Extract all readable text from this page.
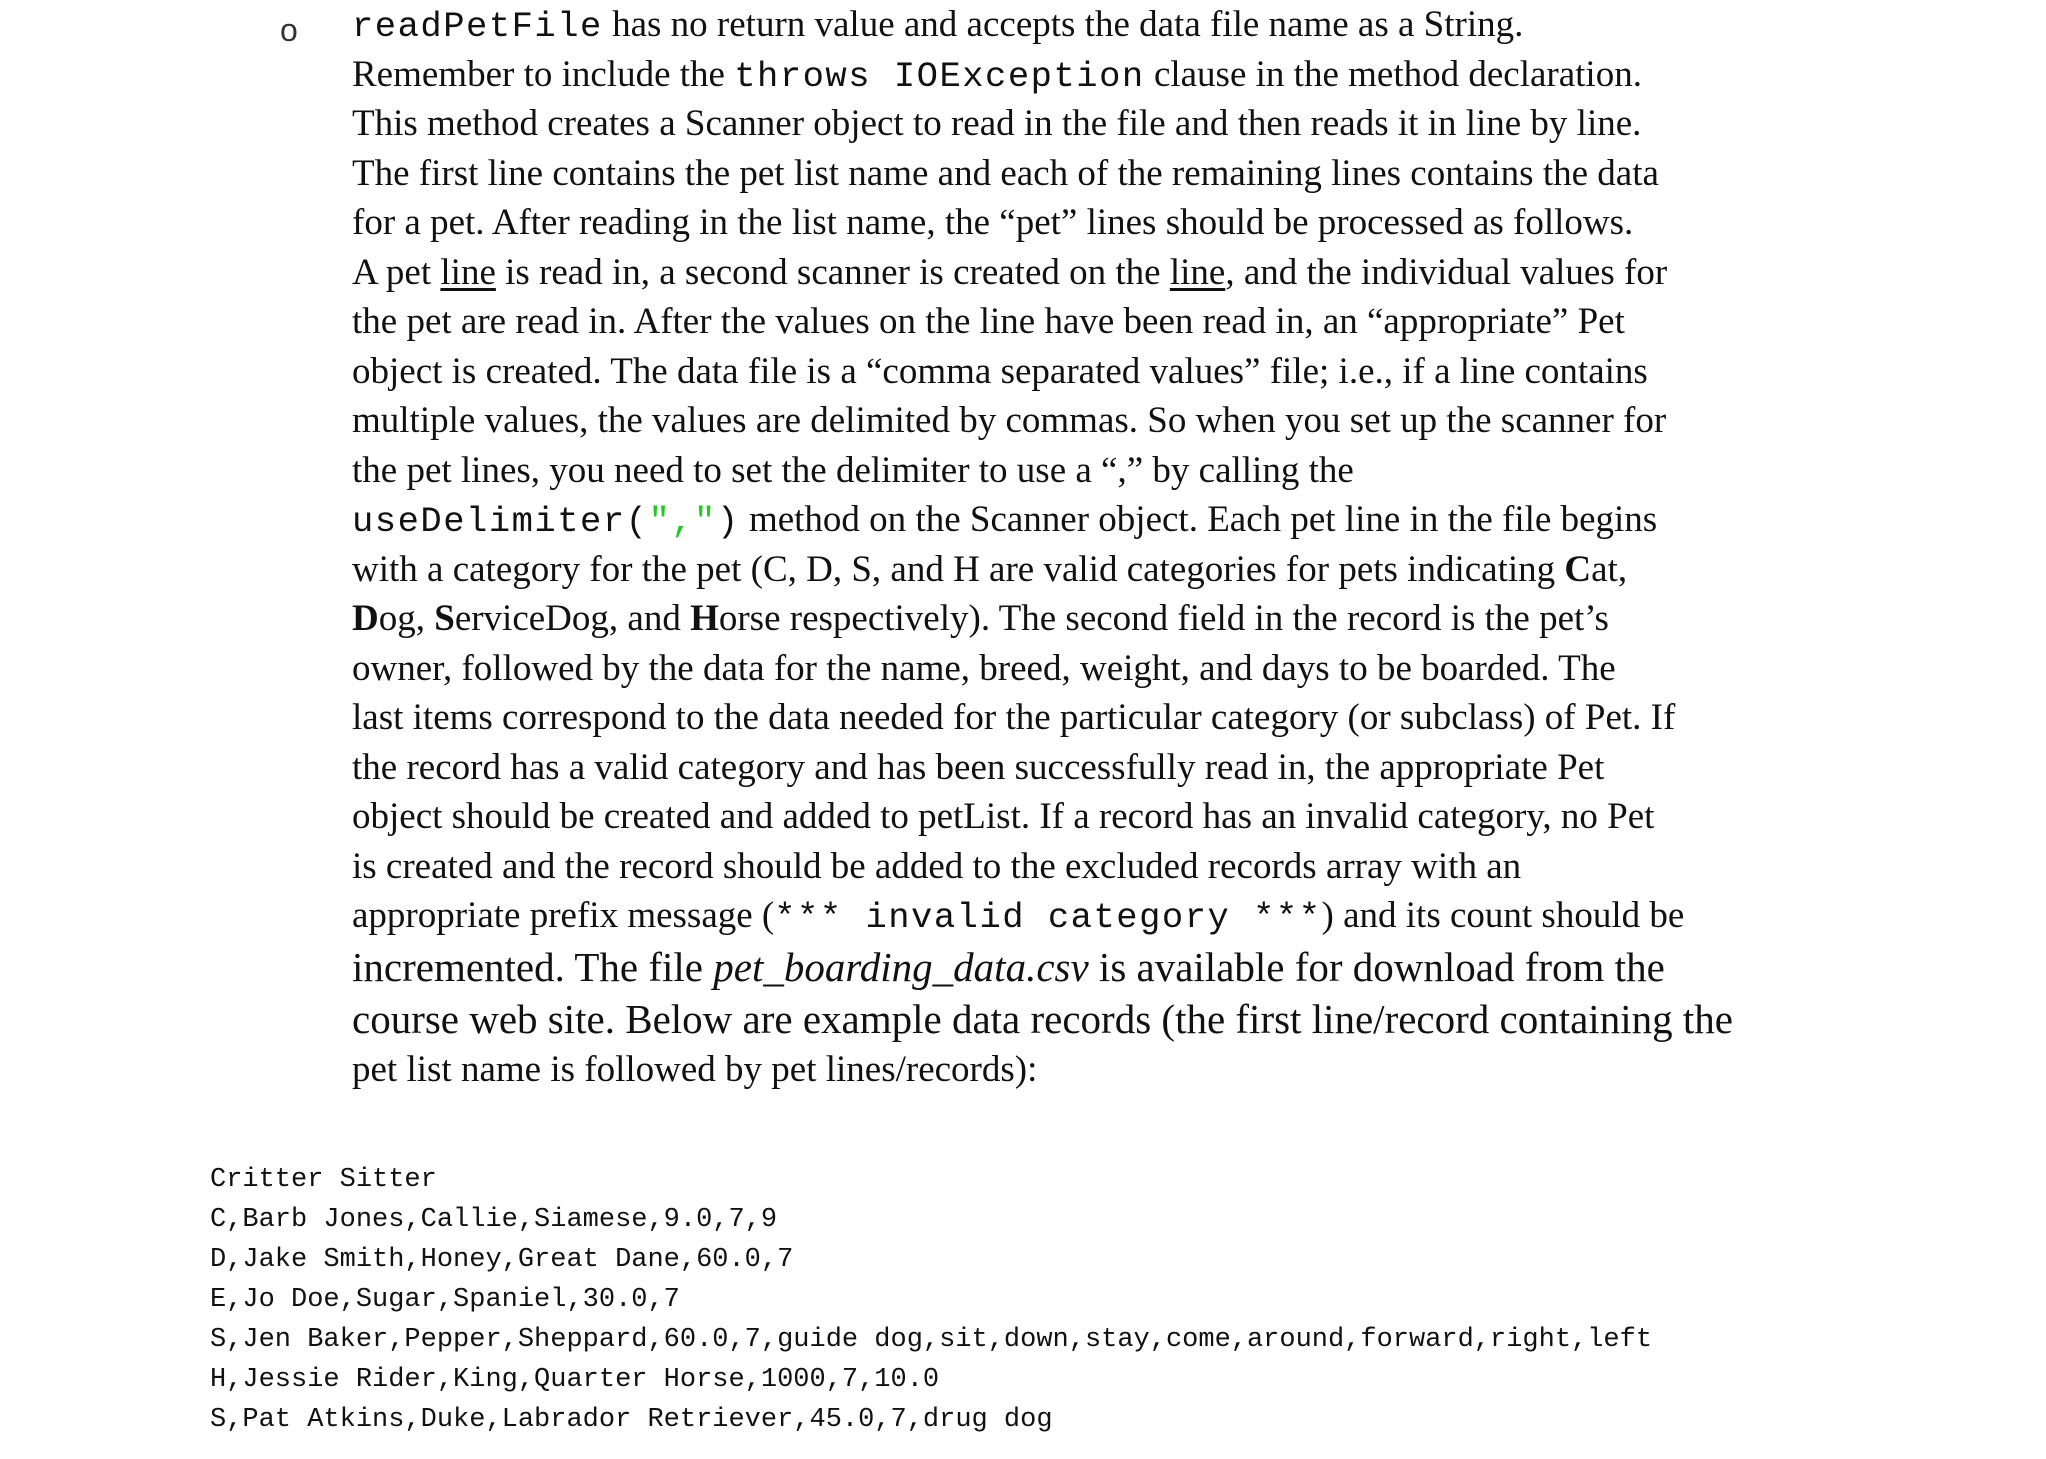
o readPetFile has no return value and accepts the data file name as a String.
Remember to include the throws IOException clause in the method declaration.
This method creates a Scanner object to read in the file and then reads it in line by line.
The first line contains the pet list name and each of the remaining lines contains the data
for a pet. After reading in the list name, the “pet” lines should be processed as follows.
A pet line is read in, a second scanner is created on the line, and the individual values for
the pet are read in. After the values on the line have been read in, an “appropriate” Pet
object is created. The data file is a “comma separated values” file; i.e., if a line contains
multiple values, the values are delimited by commas. So when you set up the scanner for
the pet lines, you need to set the delimiter to use a “,” by calling the
useDelimiter(",") method on the Scanner object. Each pet line in the file begins
with a category for the pet (C, D, S, and H are valid categories for pets indicating Cat,
Dog, ServiceDog, and Horse respectively). The second field in the record is the pet’s
owner, followed by the data for the name, breed, weight, and days to be boarded. The
last items correspond to the data needed for the particular category (or subclass) of Pet. If
the record has a valid category and has been successfully read in, the appropriate Pet
object should be created and added to petList. If a record has an invalid category, no Pet
is created and the record should be added to the excluded records array with an
appropriate prefix message (*** invalid category ***) and its count should be
incremented. The file pet_boarding_data.csv is available for download from the
course web site. Below are example data records (the first line/record containing the
pet list name is followed by pet lines/records):
Critter Sitter
C,Barb Jones,Callie,Siamese,9.0,7,9
D,Jake Smith,Honey,Great Dane,60.0,7
E,Jo Doe,Sugar,Spaniel,30.0,7
S,Jen Baker,Pepper,Sheppard,60.0,7,guide dog,sit,down,stay,come,around,forward,right,left
H,Jessie Rider,King,Quarter Horse,1000,7,10.0
S,Pat Atkins,Duke,Labrador Retriever,45.0,7,drug dog
